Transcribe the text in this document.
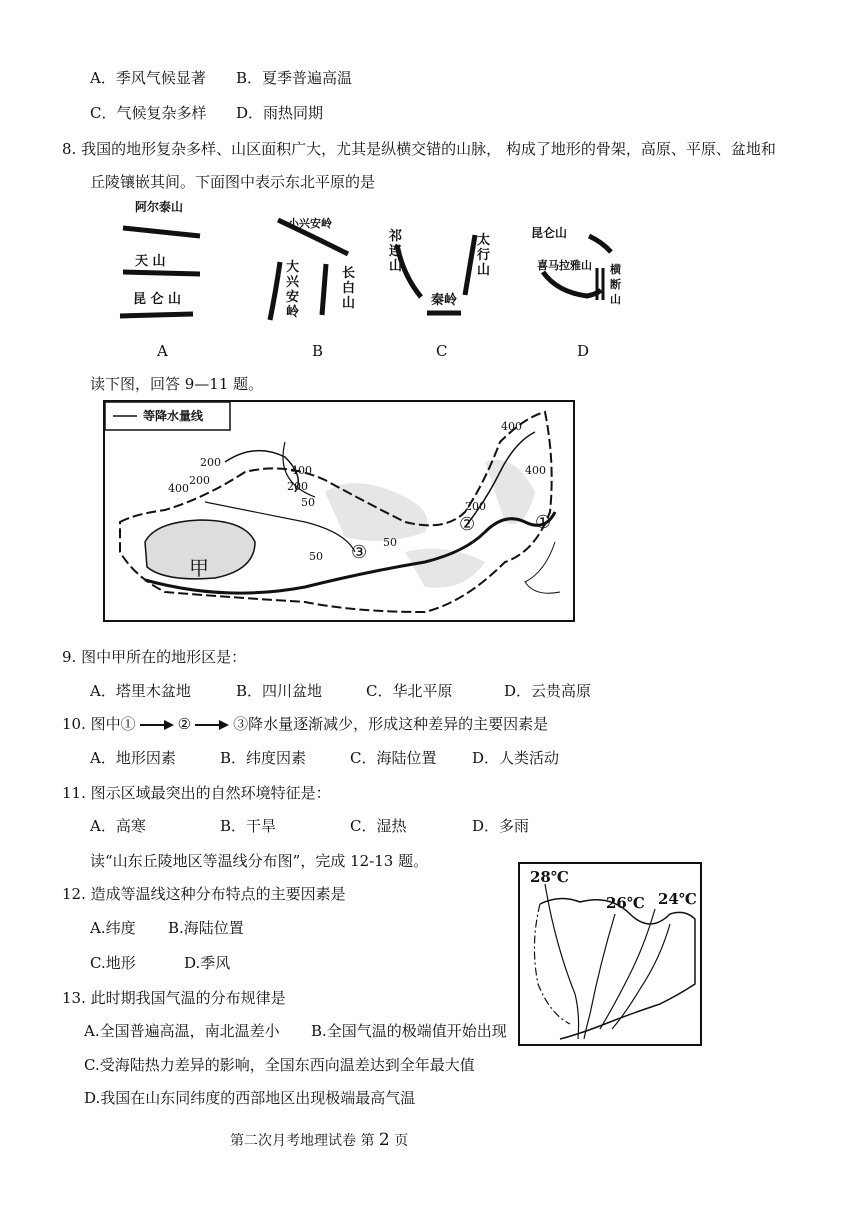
A．季风气候显著 B．夏季普遍高温
C．气候复杂多样 D．雨热同期
8. 我国的地形复杂多样、山区面积广大，尤其是纵横交错的山脉， 构成了地形的骨架，高原、平原、盆地和
丘陵镶嵌其间。下面图中表示东北平原的是
阿尔泰山
天 山
昆 仑 山
A
小兴安岭
大兴安岭
长白山
B
祁连山
太行山
秦岭
C
昆仑山
喜马拉雅山 横断山
D
读下图，回答 9—11 题。
等降水量线
200
400
200
400
200
50
400
50
50
200
400
①
②
③
甲
9. 图中甲所在的地形区是：
A．塔里木盆地	B．四川盆地	C．华北平原	D．云贵高原
10. 图中①	②	③降水量逐渐减少，形成这种差异的主要因素是
A．地形因素	B．纬度因素	C．海陆位置 D．人类活动
11. 图示区域最突出的自然环境特征是：
A．高寒	B．干旱	C．湿热	D．多雨
读“山东丘陵地区等温线分布图”，完成 12-13 题。
28℃
26℃ 24℃
12. 造成等温线这种分布特点的主要因素是
A.纬度 B.海陆位置
C.地形	D.季风
13. 此时期我国气温的分布规律是
A.全国普遍高温，南北温差小 B.全国气温的极端值开始出现
C.受海陆热力差异的影响，全国东西向温差达到全年最大值
D.我国在山东同纬度的西部地区出现极端最高气温
第二次月考地理试卷 第 2 页
